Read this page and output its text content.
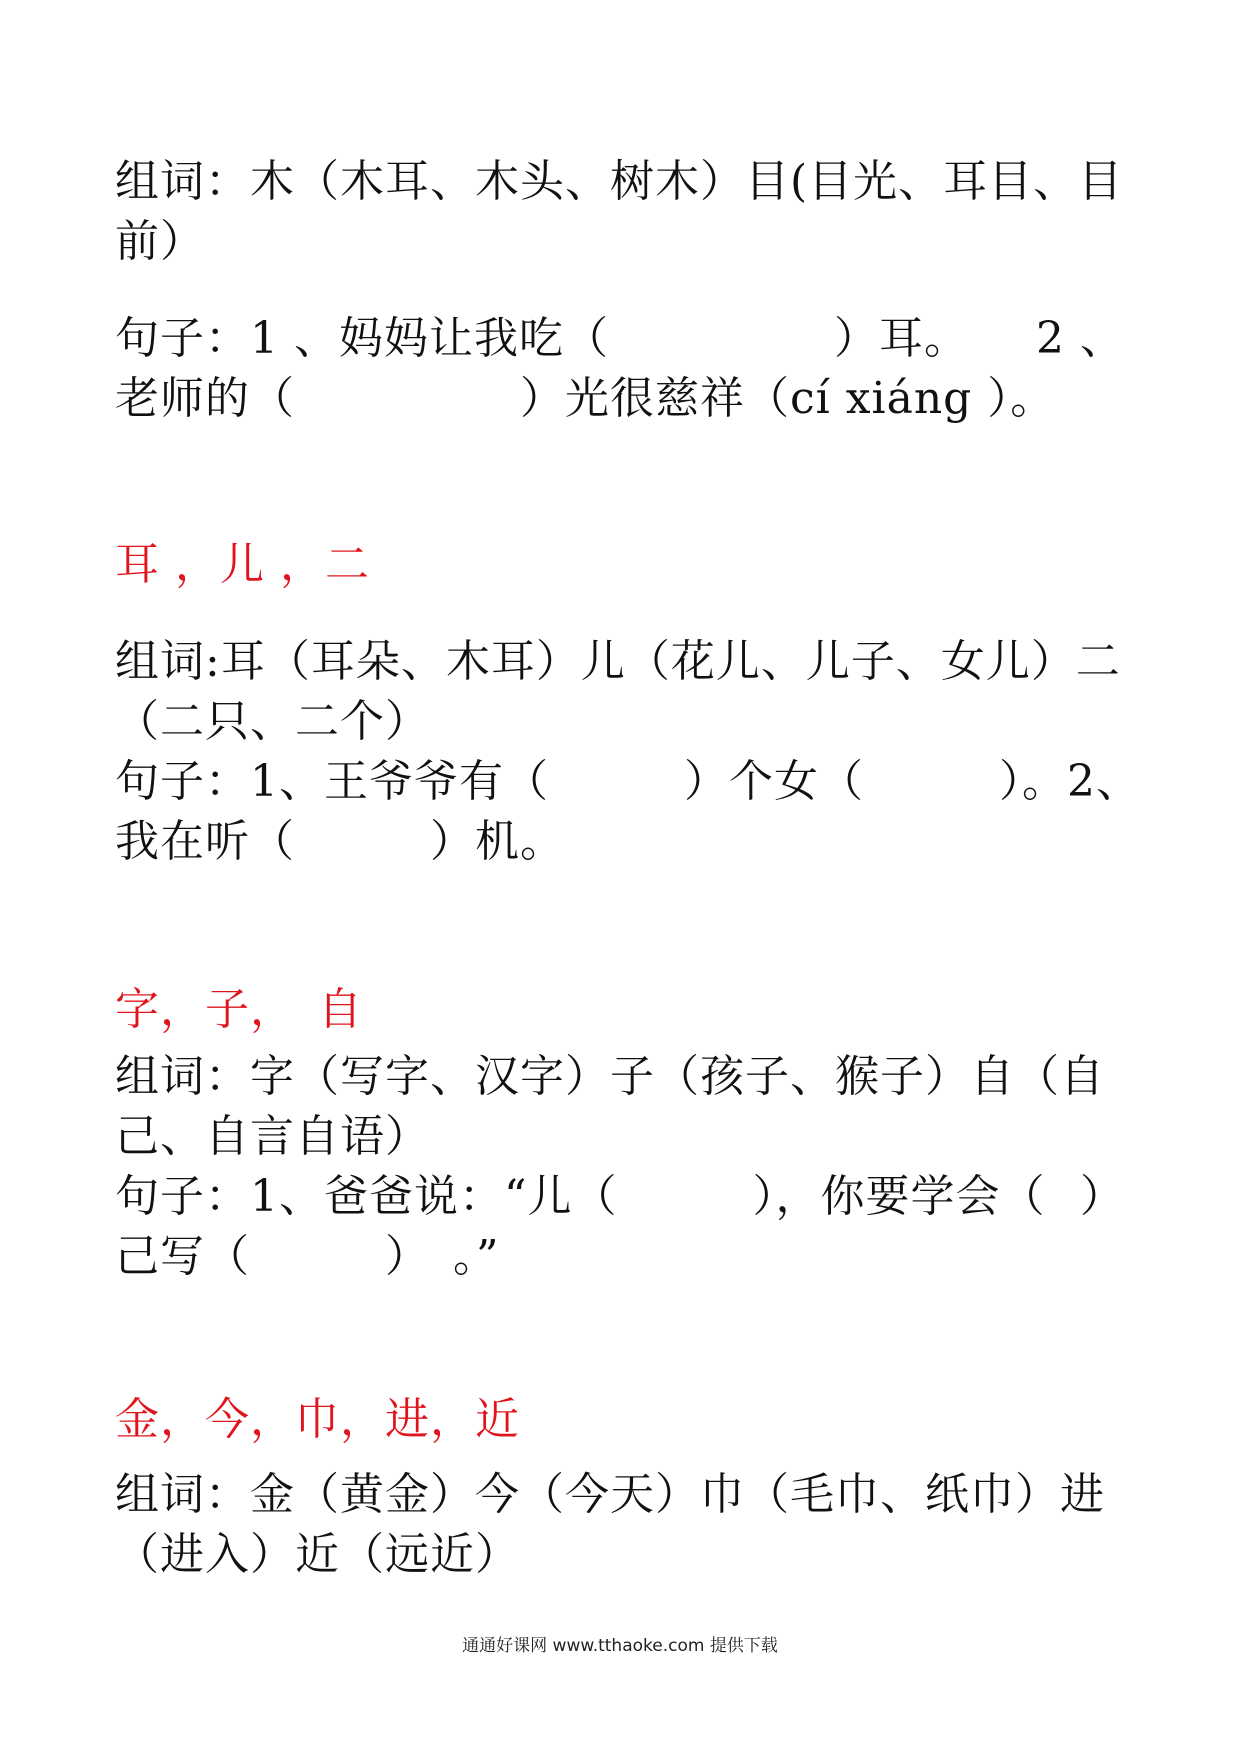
组词：木（木耳、木头、树木）目(目光、耳目、目
前）
句子：1 、妈妈让我吃（　　　　　）耳。 2 、
老师的（　　　　　）光很慈祥（cí xiáng ）。
耳 ，儿 ，二
组词:耳（耳朵、木耳）儿（花儿、儿子、女儿）二
（二只、二个）
句子：1、王爷爷有（　　　）个女（　　　）。 2、
我在听（　　　）机。
字，子，　自
组词：字（写字、汉字）子（孩子、猴子）自（自
己、自言自语）
句子：1、爸爸说：“儿（　　　），你要学会（ ）
己写（　　　）　。”
金，今，巾，进，近
组词：金（黄金）今（今天）巾（毛巾、纸巾）进
（进入）近（远近）
通通好课网 www.tthaoke.com 提供下载
